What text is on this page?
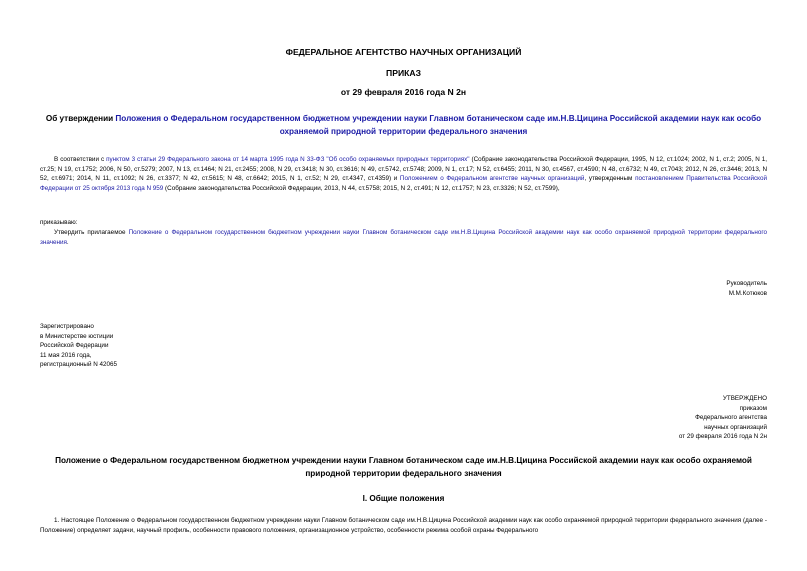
ФЕДЕРАЛЬНОЕ АГЕНТСТВО НАУЧНЫХ ОРГАНИЗАЦИЙ
ПРИКАЗ
от 29 февраля 2016 года N 2н
Об утверждении Положения о Федеральном государственном бюджетном учреждении науки Главном ботаническом саде им.Н.В.Цицина Российской академии наук как особо охраняемой природной территории федерального значения

В соответствии с пунктом 3 статьи 29 Федерального закона от 14 марта 1995 года N 33-ФЗ "Об особо охраняемых природных территориях" (Собрание законодательства Российской Федерации, 1995, N 12, ст.1024; 2002, N 1, ст.2; 2005, N 1, ст.25; N 19, ст.1752; 2006, N 50, ст.5279; 2007, N 13, ст.1464; N 21, ст.2455; 2008, N 29, ст.3418; N 30, ст.3616; N 49, ст.5742, ст.5748; 2009, N 1, ст.17; N 52, ст.6455; 2011, N 30, ст.4567, ст.4590; N 48, ст.6732; N 49, ст.7043; 2012, N 26, ст.3446; 2013, N 52, ст.6971; 2014, N 11, ст.1092; N 26, ст.3377; N 42, ст.5615; N 48, ст.6642; 2015, N 1, ст.52; N 29, ст.4347, ст.4359) и Положением о Федеральном агентстве научных организаций, утвержденным постановлением Правительства Российской Федерации от 25 октября 2013 года N 959 (Собрание законодательства Российской Федерации, 2013, N 44, ст.5758; 2015, N 2, ст.491; N 12, ст.1757; N 23, ст.3326; N 52, ст.7599),

приказываю:

Утвердить прилагаемое Положение о Федеральном государственном бюджетном учреждении науки Главном ботаническом саде им.Н.В.Цицина Российской академии наук как особо охраняемой природной территории федерального значения.

Руководитель
М.М.Котюков
Зарегистрировано
в Министерстве юстиции
Российской Федерации
11 мая 2016 года,
регистрационный N 42065
УТВЕРЖДЕНО
приказом
Федерального агентства
научных организаций
от 29 февраля 2016 года N 2н
Положение о Федеральном государственном бюджетном учреждении науки Главном ботаническом саде им.Н.В.Цицина Российской академии наук как особо охраняемой природной территории федерального значения
I. Общие положения

1. Настоящее Положение о Федеральном государственном бюджетном учреждении науки Главном ботаническом саде им.Н.В.Цицина Российской академии наук как особо охраняемой природной территории федерального значения (далее - Положение) определяет задачи, научный профиль, особенности правового положения, организационное устройство, особенности режима особой охраны Федерального
